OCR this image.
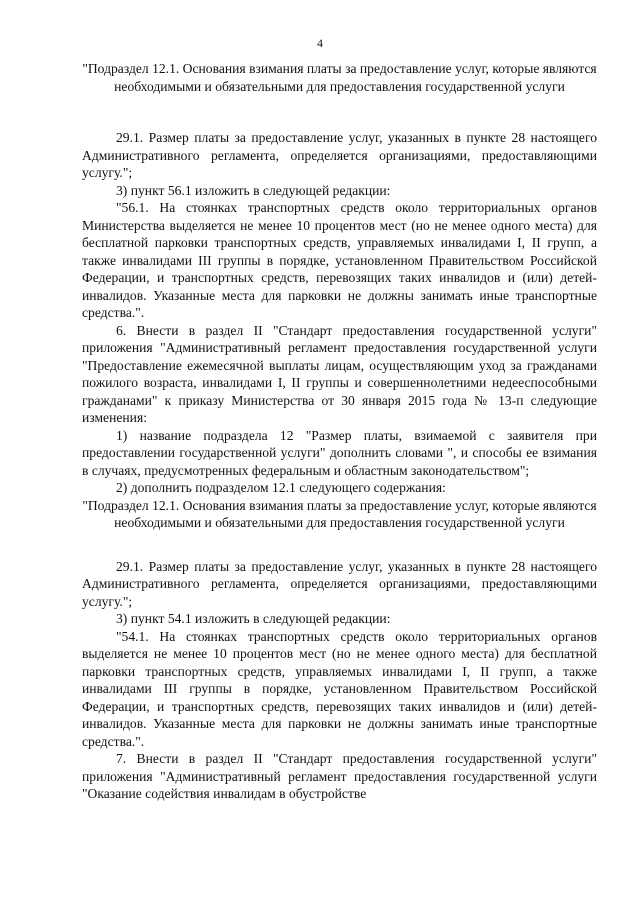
4

"Подраздел 12.1. Основания взимания платы за предоставление услуг, которые являются необходимыми и обязательными для предоставления государственной услуги

29.1. Размер платы за предоставление услуг, указанных в пункте 28 настоящего Административного регламента, определяется организациями, предоставляющими услугу.";

3) пункт 56.1 изложить в следующей редакции:

"56.1. На стоянках транспортных средств около территориальных органов Министерства выделяется не менее 10 процентов мест (но не менее одного места) для бесплатной парковки транспортных средств, управляемых инвалидами I, II групп, а также инвалидами III группы в порядке, установленном Правительством Российской Федерации, и транспортных средств, перевозящих таких инвалидов и (или) детей-инвалидов. Указанные места для парковки не должны занимать иные транспортные средства.".

6. Внести в раздел II "Стандарт предоставления государственной услуги" приложения "Административный регламент предоставления государственной услуги "Предоставление ежемесячной выплаты лицам, осуществляющим уход за гражданами пожилого возраста, инвалидами I, II группы и совершеннолетними недееспособными гражданами" к приказу Министерства от 30 января 2015 года № 13-п следующие изменения:

1) название подраздела 12 "Размер платы, взимаемой с заявителя при предоставлении государственной услуги" дополнить словами ", и способы ее взимания в случаях, предусмотренных федеральным и областным законодательством";

2) дополнить подразделом 12.1 следующего содержания:

"Подраздел 12.1. Основания взимания платы за предоставление услуг, которые являются необходимыми и обязательными для предоставления государственной услуги

29.1. Размер платы за предоставление услуг, указанных в пункте 28 настоящего Административного регламента, определяется организациями, предоставляющими услугу.";

3) пункт 54.1 изложить в следующей редакции:

"54.1. На стоянках транспортных средств около территориальных органов выделяется не менее 10 процентов мест (но не менее одного места) для бесплатной парковки транспортных средств, управляемых инвалидами I, II групп, а также инвалидами III группы в порядке, установленном Правительством Российской Федерации, и транспортных средств, перевозящих таких инвалидов и (или) детей-инвалидов. Указанные места для парковки не должны занимать иные транспортные средства.".

7. Внести в раздел II "Стандарт предоставления государственной услуги" приложения "Административный регламент предоставления государственной услуги "Оказание содействия инвалидам в обустройстве
